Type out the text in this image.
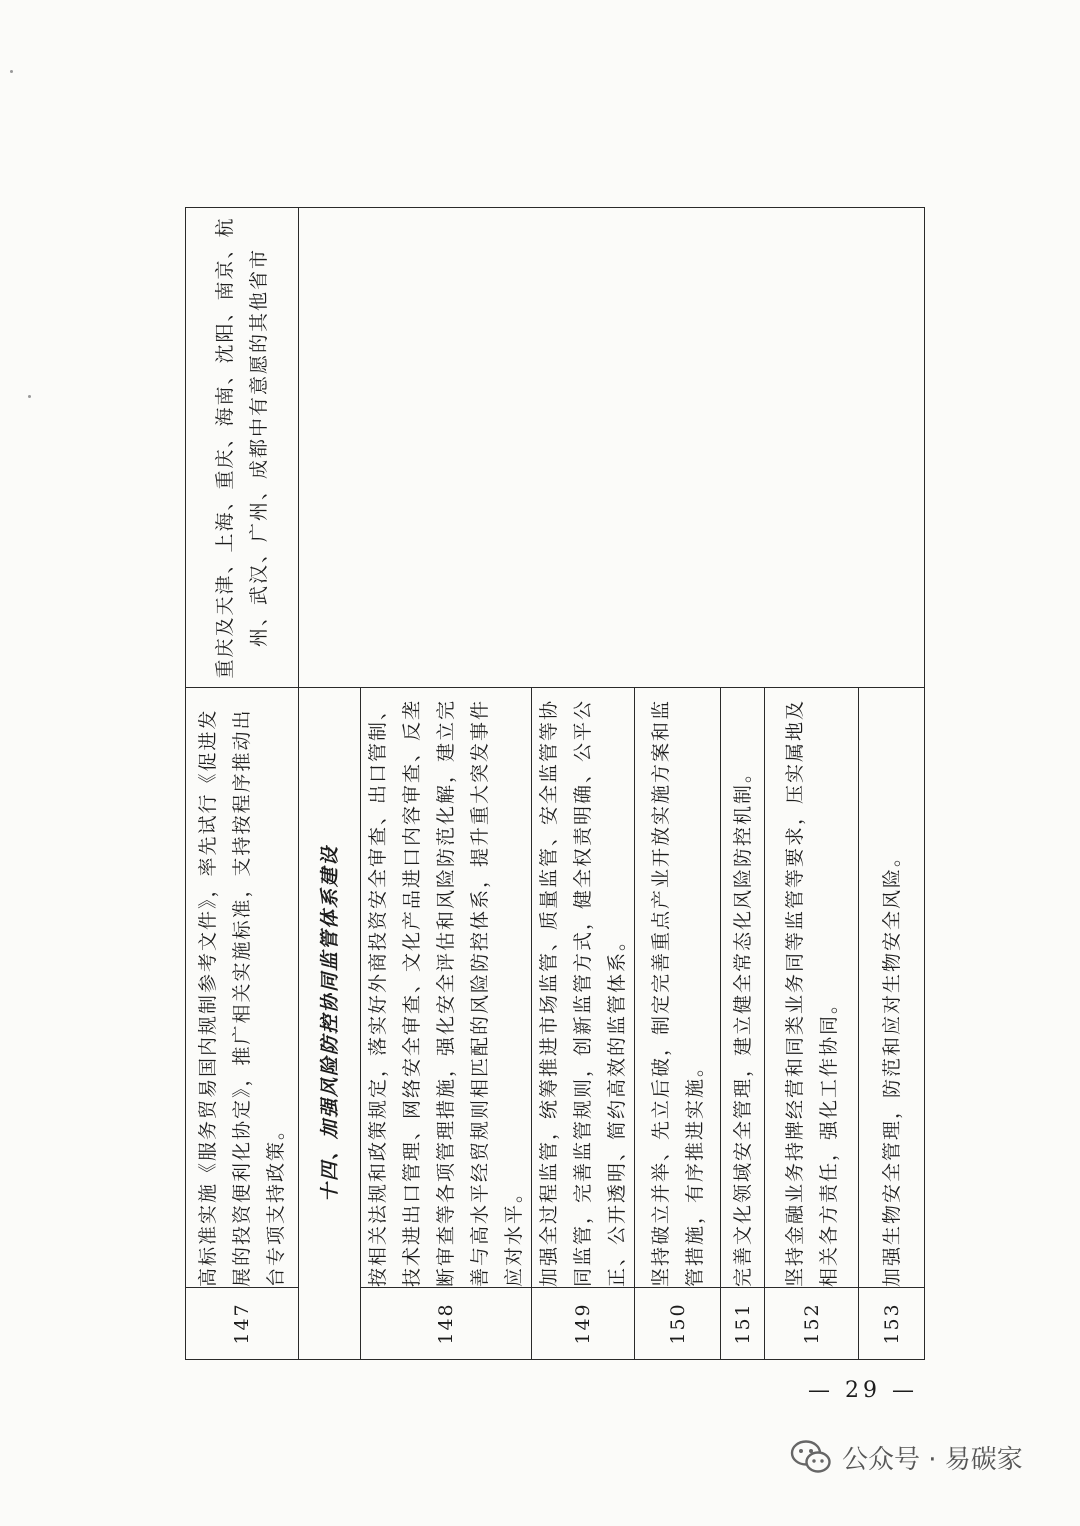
147	高标准实施《服务贸易国内规制参考文件》，率先试行《促进发展的投资便利化协定》，推广相关实施标准，支持按程序推动出台专项支持政策。	重庆及天津、上海、重庆、海南、沈阳、南京、杭州、武汉、广州、成都中有意愿的其他省市
十四、加强风险防控协同监管体系建设		
148	按相关法规和政策规定，落实好外商投资安全审查、出口管制、技术进出口管理、网络安全审查、文化产品进口内容审查、反垄断审查等各项管理措施，强化安全评估和风险防范化解，建立完善与高水平经贸规则相匹配的风险防控体系，提升重大突发事件应对水平。	
149	加强全过程监管，统筹推进市场监管、质量监管、安全监管等协同监管，完善监管规则，创新监管方式，健全权责明确、公平公正、公开透明、简约高效的监管体系。	
150	坚持破立并举、先立后破，制定完善重点产业开放实施方案和监管措施，有序推进实施。	
151	完善文化领域安全管理，建立健全常态化风险防控机制。	
152	坚持金融业务持牌经营和同类业务同等监管等要求，压实属地及相关各方责任，强化工作协同。	
153	加强生物安全管理，防范和应对生物安全风险。	
— 29 —
公众号 · 易碳家
